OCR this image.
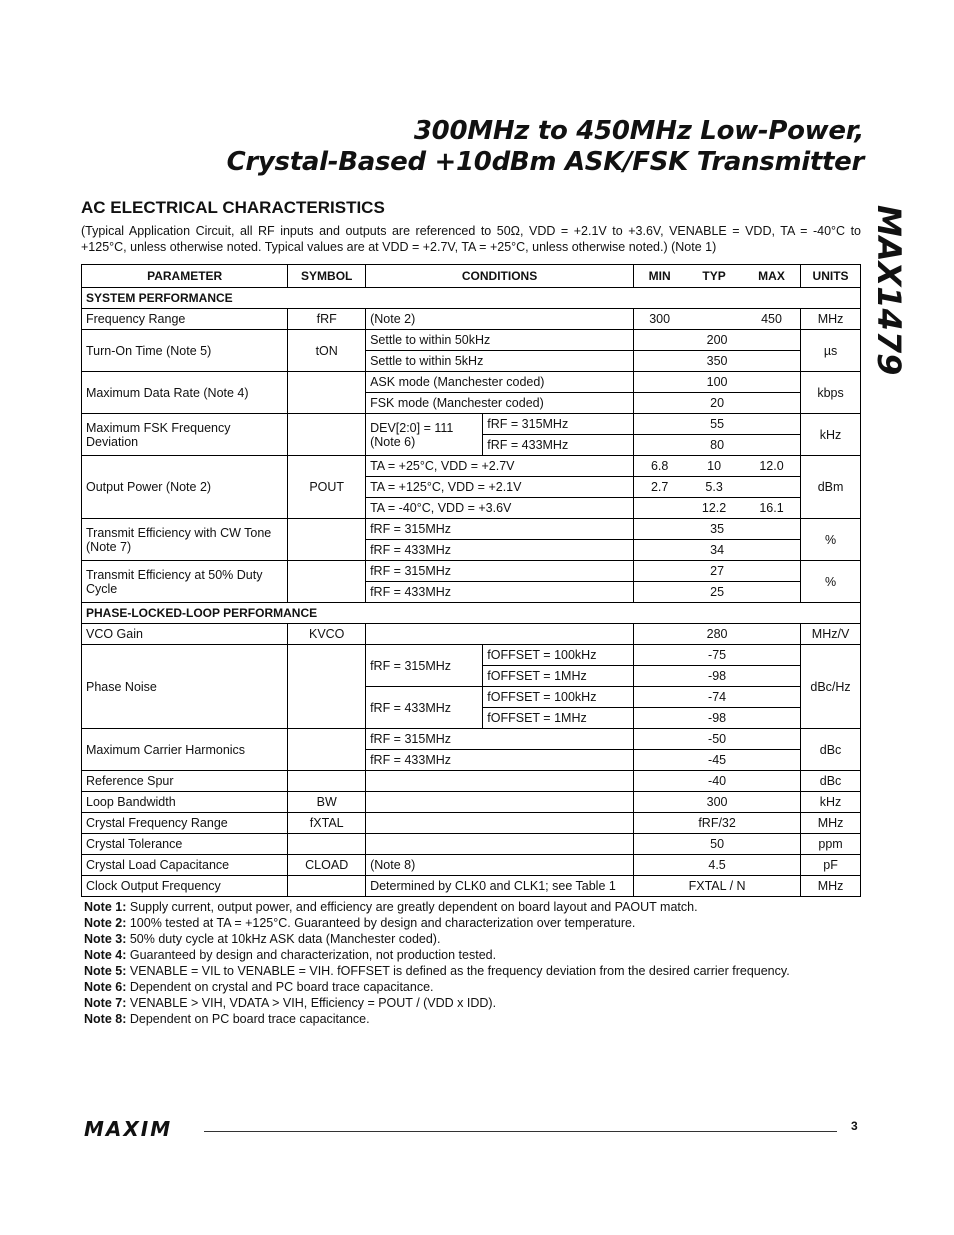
300MHz to 450MHz Low-Power,
Crystal-Based +10dBm ASK/FSK Transmitter
MAX1479
AC ELECTRICAL CHARACTERISTICS
(Typical Application Circuit, all RF inputs and outputs are referenced to 50Ω, VDD = +2.1V to +3.6V, VENABLE = VDD, TA = -40°C to +125°C, unless otherwise noted. Typical values are at VDD = +2.7V, TA = +25°C, unless otherwise noted.) (Note 1)
PARAMETER	SYMBOL	CONDITIONS		MIN	TYP	MAX	UNITS
SYSTEM PERFORMANCE							
Frequency Range	fRF	(Note 2)		300		450	MHz
Turn-On Time (Note 5)	tON	Settle to within 50kHz		200			µs
		Settle to within 5kHz		350			
Maximum Data Rate (Note 4)		ASK mode (Manchester coded)		100			kbps
		FSK mode (Manchester coded)		20			
Maximum FSK Frequency Deviation		DEV[2:0] = 111 (Note 6)	fRF = 315MHz	55			kHz
			fRF = 433MHz	80			
Output Power (Note 2)	POUT	TA = +25°C, VDD = +2.7V		6.8	10	12.0	dBm
		TA = +125°C, VDD = +2.1V		2.7	5.3		
		TA = -40°C, VDD = +3.6V			12.2	16.1	
Transmit Efficiency with CW Tone (Note 7)		fRF = 315MHz		35			%
		fRF = 433MHz		34			
Transmit Efficiency at 50% Duty Cycle		fRF = 315MHz		27			%
		fRF = 433MHz		25			
PHASE-LOCKED-LOOP PERFORMANCE							
VCO Gain	KVCO			280			MHz/V
Phase Noise		fRF = 315MHz	fOFFSET = 100kHz	-75			dBc/Hz
			fOFFSET = 1MHz	-98			
		fRF = 433MHz	fOFFSET = 100kHz	-74			
			fOFFSET = 1MHz	-98			
Maximum Carrier Harmonics		fRF = 315MHz		-50			dBc
		fRF = 433MHz		-45			
Reference Spur				-40			dBc
Loop Bandwidth	BW			300			kHz
Crystal Frequency Range	fXTAL			fRF/32			MHz
Crystal Tolerance				50			ppm
Crystal Load Capacitance	CLOAD	(Note 8)		4.5			pF
Clock Output Frequency		Determined by CLK0 and CLK1; see Table 1		FXTAL / N			MHz
Note 1: Supply current, output power, and efficiency are greatly dependent on board layout and PAOUT match.
Note 2: 100% tested at TA = +125°C. Guaranteed by design and characterization over temperature.
Note 3: 50% duty cycle at 10kHz ASK data (Manchester coded).
Note 4: Guaranteed by design and characterization, not production tested.
Note 5: VENABLE = VIL to VENABLE = VIH. fOFFSET is defined as the frequency deviation from the desired carrier frequency.
Note 6: Dependent on crystal and PC board trace capacitance.
Note 7: VENABLE > VIH, VDATA > VIH, Efficiency = POUT / (VDD x IDD).
Note 8: Dependent on PC board trace capacitance.
MAXIM	3
